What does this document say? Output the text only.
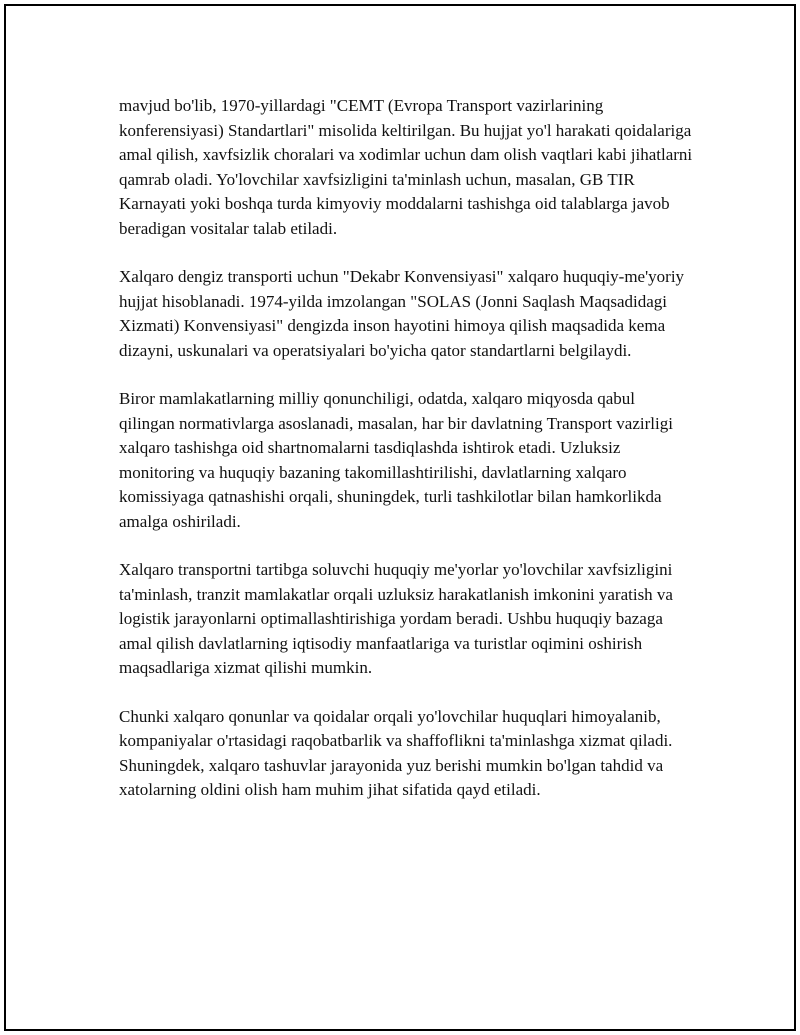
mavjud bo'lib, 1970-yillardagi "CEMT (Evropa Transport vazirlarining konferensiyasi) Standartlari" misolida keltirilgan. Bu hujjat yo'l harakati qoidalariga amal qilish, xavfsizlik choralari va xodimlar uchun dam olish vaqtlari kabi jihatlarni qamrab oladi. Yo'lovchilar xavfsizligini ta'minlash uchun, masalan, GB TIR Karnayati yoki boshqa turda kimyoviy moddalarni tashishga oid talablarga javob beradigan vositalar talab etiladi.

Xalqaro dengiz transporti uchun "Dekabr Konvensiyasi" xalqaro huquqiy-me'yoriy hujjat hisoblanadi. 1974-yilda imzolangan "SOLAS (Jonni Saqlash Maqsadidagi Xizmati) Konvensiyasi" dengizda inson hayotini himoya qilish maqsadida kema dizayni, uskunalari va operatsiyalari bo'yicha qator standartlarni belgilaydi.

Biror mamlakatlarning milliy qonunchiligi, odatda, xalqaro miqyosda qabul qilingan normativlarga asoslanadi, masalan, har bir davlatning Transport vazirligi xalqaro tashishga oid shartnomalarni tasdiqlashda ishtirok etadi. Uzluksiz monitoring va huquqiy bazaning takomillashtirilishi, davlatlarning xalqaro komissiyaga qatnashishi orqali, shuningdek, turli tashkilotlar bilan hamkorlikda amalga oshiriladi.

Xalqaro transportni tartibga soluvchi huquqiy me'yorlar yo'lovchilar xavfsizligini ta'minlash, tranzit mamlakatlar orqali uzluksiz harakatlanish imkonini yaratish va logistik jarayonlarni optimallashtirishiga yordam beradi. Ushbu huquqiy bazaga amal qilish davlatlarning iqtisodiy manfaatlariga va turistlar oqimini oshirish maqsadlariga xizmat qilishi mumkin.

Chunki xalqaro qonunlar va qoidalar orqali yo'lovchilar huquqlari himoyalanib, kompaniyalar o'rtasidagi raqobatbarlik va shaffoflikni ta'minlashga xizmat qiladi. Shuningdek, xalqaro tashuvlar jarayonida yuz berishi mumkin bo'lgan tahdid va xatolarning oldini olish ham muhim jihat sifatida qayd etiladi.
